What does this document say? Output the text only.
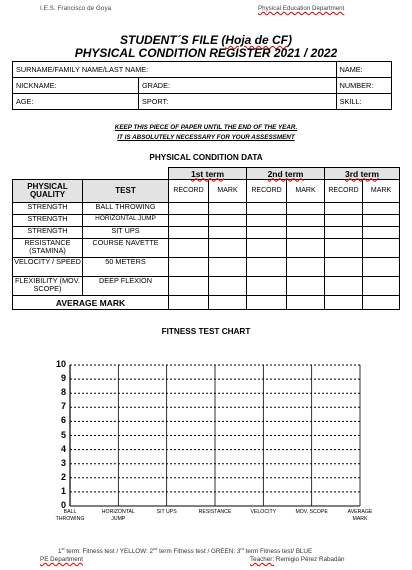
I.E.S. Francisco de Goya	Physical Education Department
STUDENT´S FILE (Hoja de CF)
PHYSICAL CONDITION REGISTER 2021 / 2022
SURNAME/FAMILY NAME/LAST NAME:		NAME:
NICKNAME:	GRADE:	NUMBER:
AGE:	SPORT:	SKILL:
KEEP THIS PIECE OF PAPER UNTIL THE END OF THE YEAR.
IT IS ABSOLUTELY NECESSARY FOR YOUR ASSESSMENT
PHYSICAL CONDITION DATA
		1st term		2nd term		3rd term	
PHYSICAL QUALITY	TEST	RECORD	MARK	RECORD	MARK	RECORD	MARK
STRENGTH	BALL THROWING						
STRENGTH	HORIZONTAL JUMP						
STRENGTH	SIT UPS						
RESISTANCE (STAMINA)	COURSE NAVETTE						
VELOCITY / SPEED	50 METERS						
FLEXIBILITY (MOV. SCOPE)	DEEP FLEXION						
AVERAGE MARK							
FITNESS TEST CHART
10
9
8
7
6
5
4
3
2
1
0
BALL
THROWING
HORIZONTAL
JUMP
SIT UPS	RESISTANCE	VELOCITY	MOV. SCOPE	AVERAGE
MARK
1st term: Fitness test / YELLOW: 2nd term Fitness test / GREEN: 3rd term Fitness test/ BLUE
PE Department	Teacher: Remigio Pérez Rabadán
